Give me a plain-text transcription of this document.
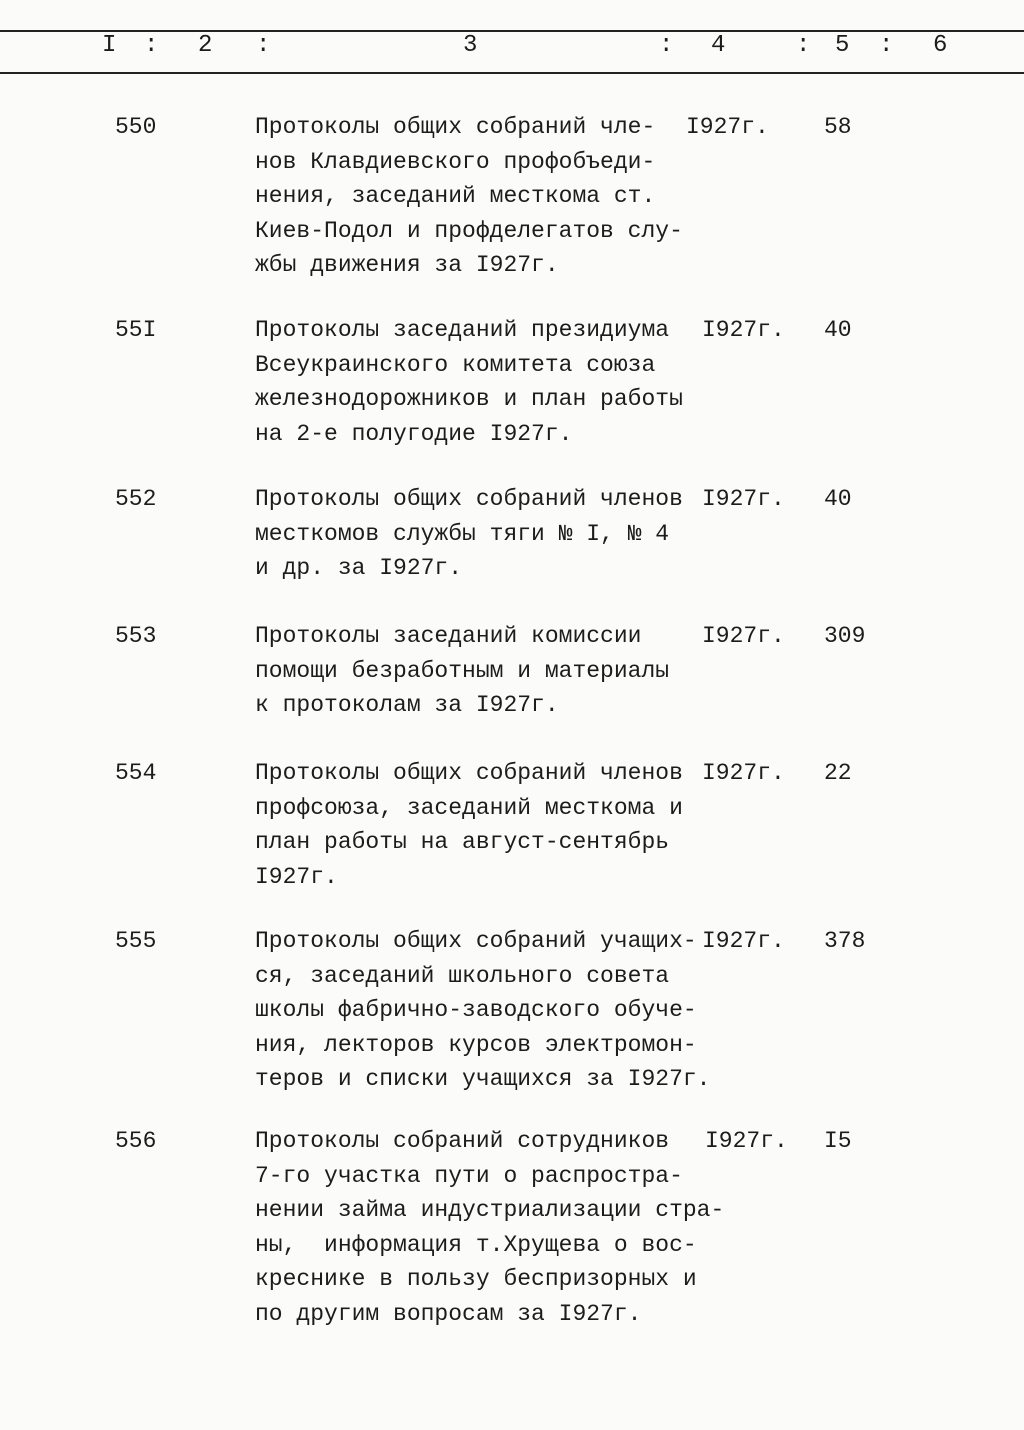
I : 2 :	3	: 4	: 5 : 6
550	Протоколы общих собраний чле-
нов Клавдиевского профобъеди-
нения, заседаний месткома ст.
Киев-Подол и профделегатов слу-
жбы движения за I927г.
I927г. 58
55I	Протоколы заседаний президиума
Всеукраинского комитета союза
железнодорожников и план работы
на 2-е полугодие I927г.
I927г. 40
552	Протоколы общих собраний членов
месткомов службы тяги № I, № 4
и др. за I927г.
I927г. 40
553	Протоколы заседаний комиссии
помощи безработным и материалы
к протоколам за I927г.
I927г. 309
554	Протоколы общих собраний членов
профсоюза, заседаний месткома и
план работы на август-сентябрь
I927г.
I927г. 22
555	Протоколы общих собраний учащих-
ся, заседаний школьного совета
школы фабрично-заводского обуче-
ния, лекторов курсов электромон-
теров и списки учащихся за I927г.
I927г. 378
556	Протоколы собраний сотрудников
7-го участка пути о распростра-
нении займа индустриализации стра-
ны,  информация т.Хрущева о вос-
креснике в пользу беспризорных и
по другим вопросам за I927г.
I927г. I5
